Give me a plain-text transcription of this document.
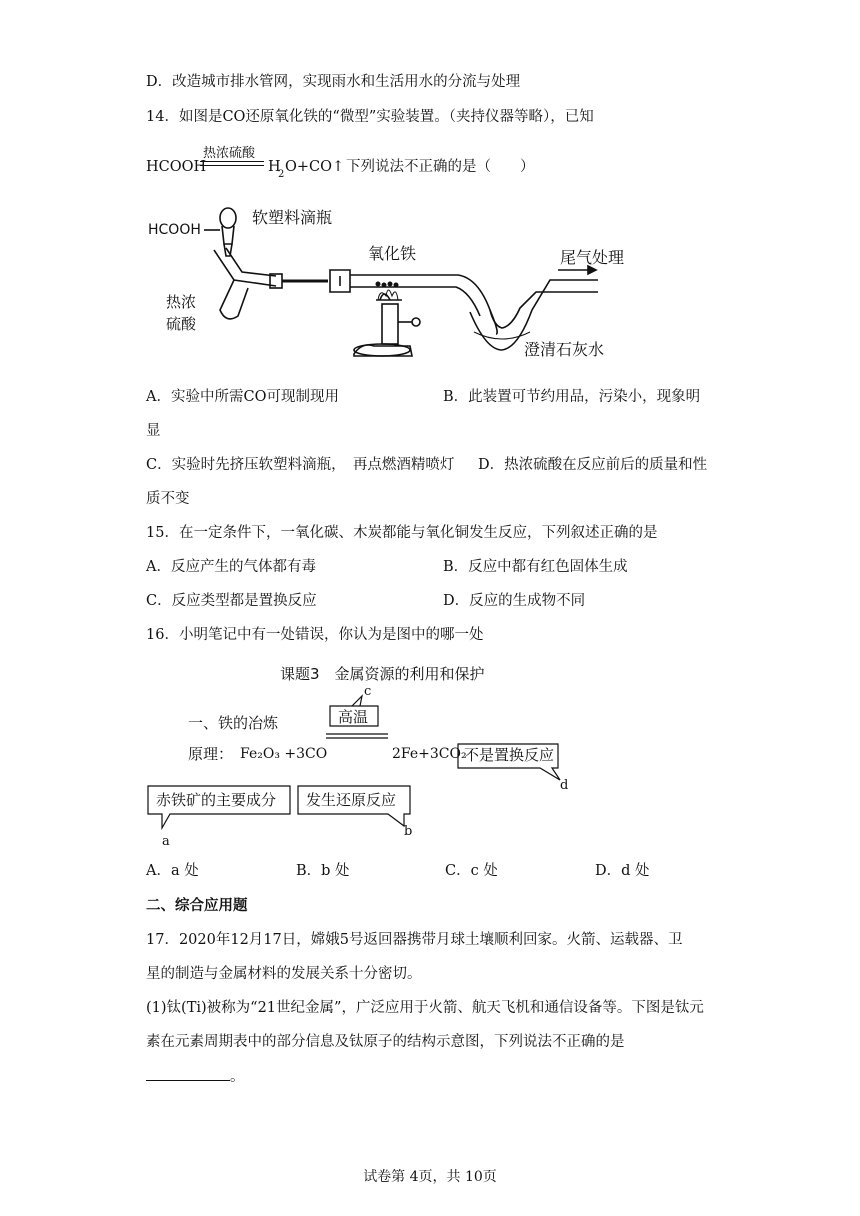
D．改造城市排水管网，实现雨水和生活用水的分流与处理
14．如图是CO还原氧化铁的“微型”实验装置。（夹持仪器等略），已知
HCOOH
热浓硫酸
H
2 O+CO↑ 下列说法不正确的是（　　）
HCOOH
软塑料滴瓶
热浓
硫酸
氧化铁	尾气处理
澄清石灰水
A．实验中所需CO可现制现用	B．此装置可节约用品，污染小，现象明
显
C．实验时先挤压软塑料滴瓶，　再点燃酒精喷灯 D．热浓硫酸在反应前后的质量和性
质不变
15．在一定条件下，一氧化碳、木炭都能与氧化铜发生反应，下列叙述正确的是
A．反应产生的气体都有毒	B．反应中都有红色固体生成
C．反应类型都是置换反应	D．反应的生成物不同
16．小明笔记中有一处错误，你认为是图中的哪一处
课题3　金属资源的利用和保护
一、铁的冶炼
原理： Fe₂O₃ +3CO
高温
2Fe+3CO₂
不是置换反应
赤铁矿的主要成分 发生还原反应
c
d
a
b
A．a 处	B．b 处	C．c 处	D．d 处
二、综合应用题
17．2020年12月17日，嫦娥5号返回器携带月球土壤顺利回家。火箭、运载器、卫
星的制造与金属材料的发展关系十分密切。
(1)钛(Ti)被称为“21世纪金属”，广泛应用于火箭、航天飞机和通信设备等。下图是钛元
素在元素周期表中的部分信息及钛原子的结构示意图，下列说法不正确的是
。
试卷第 4页，共 10页
